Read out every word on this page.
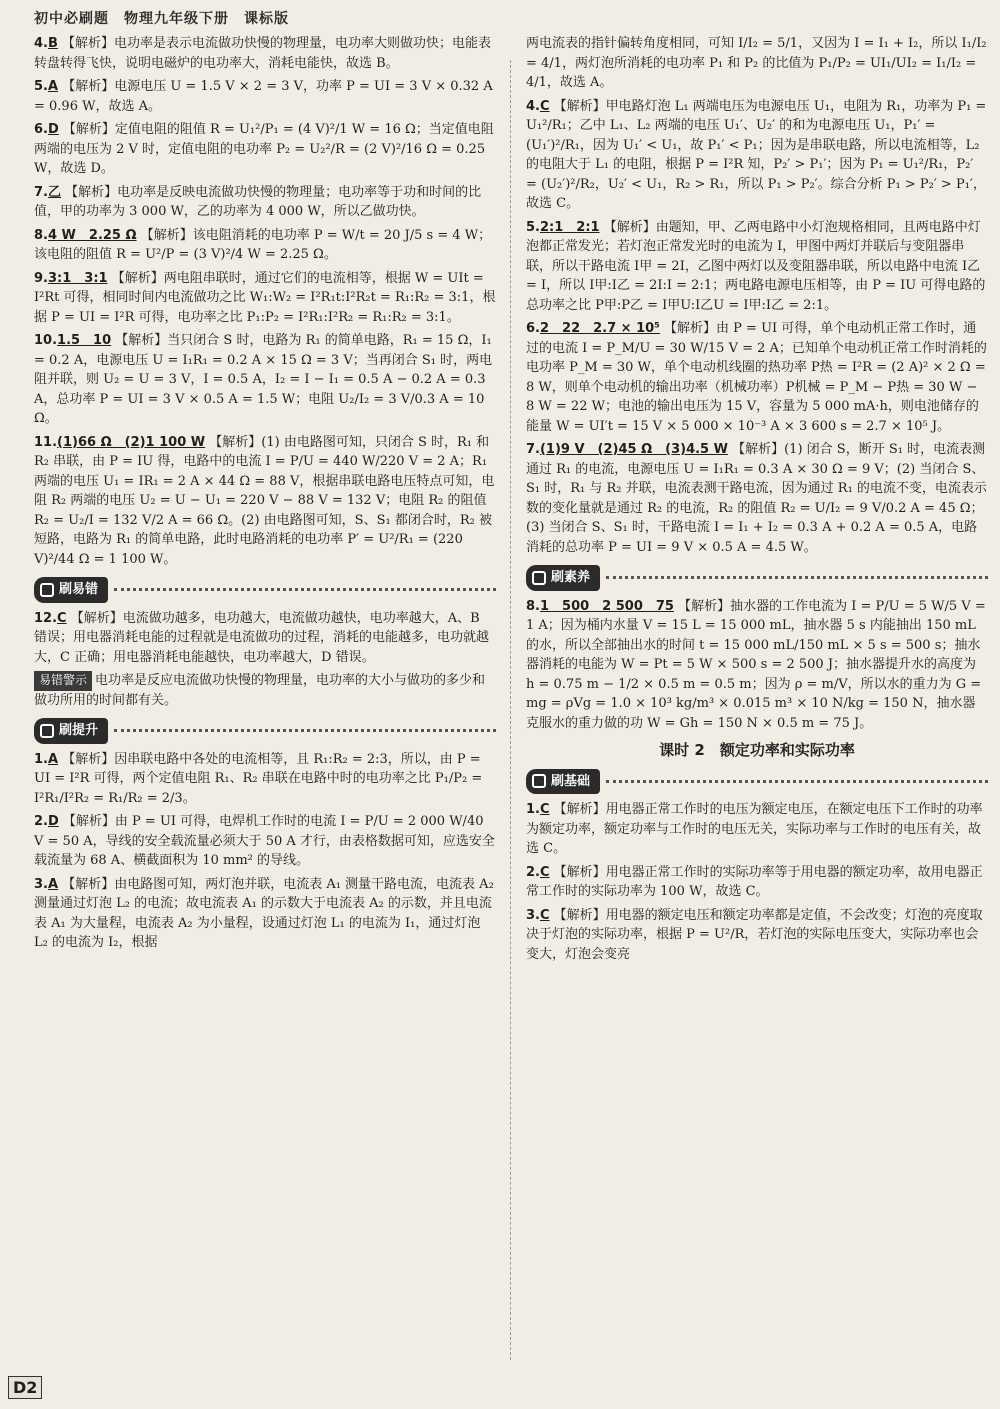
初中必刷题　物理九年级下册　课标版
4.B 【解析】电功率是表示电流做功快慢的物理量，电功率大则做功快；电能表转盘转得飞快，说明电磁炉的电功率大，消耗电能快，故选 B。
5.A 【解析】电源电压 U = 1.5 V × 2 = 3 V，功率 P = UI = 3 V × 0.32 A = 0.96 W，故选 A。
6.D 【解析】定值电阻的阻值 R = U₁²/P₁ = (4 V)²/1 W = 16 Ω；当定值电阻两端的电压为 2 V 时，定值电阻的电功率 P₂ = U₂²/R = (2 V)²/16 Ω = 0.25 W，故选 D。
7.乙 【解析】电功率是反映电流做功快慢的物理量；电功率等于功和时间的比值，甲的功率为 3 000 W，乙的功率为 4 000 W，所以乙做功快。
8.4 W　2.25 Ω 【解析】该电阻消耗的电功率 P = W/t = 20 J/5 s = 4 W；该电阻的阻值 R = U²/P = (3 V)²/4 W = 2.25 Ω。
9.3:1　3:1 【解析】两电阻串联时，通过它们的电流相等，根据 W = UIt = I²Rt 可得，相同时间内电流做功之比 W₁:W₂ = I²R₁t:I²R₂t = R₁:R₂ = 3:1，根据 P = UI = I²R 可得，电功率之比 P₁:P₂ = I²R₁:I²R₂ = R₁:R₂ = 3:1。
10.1.5　10 【解析】当只闭合 S 时，电路为 R₁ 的简单电路，R₁ = 15 Ω，I₁ = 0.2 A，电源电压 U = I₁R₁ = 0.2 A × 15 Ω = 3 V；当再闭合 S₁ 时，两电阻并联，则 U₂ = U = 3 V，I = 0.5 A，I₂ = I − I₁ = 0.5 A − 0.2 A = 0.3 A，总功率 P = UI = 3 V × 0.5 A = 1.5 W；电阻 U₂/I₂ = 3 V/0.3 A = 10 Ω。
11.(1)66 Ω　(2)1 100 W 【解析】(1) 由电路图可知，只闭合 S 时，R₁ 和 R₂ 串联，由 P = IU 得，电路中的电流 I = P/U = 440 W/220 V = 2 A；R₁ 两端的电压 U₁ = IR₁ = 2 A × 44 Ω = 88 V，根据串联电路电压特点可知，电阻 R₂ 两端的电压 U₂ = U − U₁ = 220 V − 88 V = 132 V；电阻 R₂ 的阻值 R₂ = U₂/I = 132 V/2 A = 66 Ω。(2) 由电路图可知，S、S₁ 都闭合时，R₂ 被短路，电路为 R₁ 的简单电路，此时电路消耗的电功率 P′ = U²/R₁ = (220 V)²/44 Ω = 1 100 W。
刷易错
12.C 【解析】电流做功越多，电功越大，电流做功越快，电功率越大，A、B 错误；用电器消耗电能的过程就是电流做功的过程，消耗的电能越多，电功就越大，C 正确；用电器消耗电能越快，电功率越大，D 错误。
易错警示 电功率是反应电流做功快慢的物理量，电功率的大小与做功的多少和做功所用的时间都有关。
刷提升
1.A 【解析】因串联电路中各处的电流相等，且 R₁:R₂ = 2:3，所以，由 P = UI = I²R 可得，两个定值电阻 R₁、R₂ 串联在电路中时的电功率之比 P₁/P₂ = I²R₁/I²R₂ = R₁/R₂ = 2/3。
2.D 【解析】由 P = UI 可得，电焊机工作时的电流 I = P/U = 2 000 W/40 V = 50 A，导线的安全载流量必须大于 50 A 才行，由表格数据可知，应选安全载流量为 68 A、横截面积为 10 mm² 的导线。
3.A 【解析】由电路图可知，两灯泡并联，电流表 A₁ 测量干路电流，电流表 A₂ 测量通过灯泡 L₂ 的电流；故电流表 A₁ 的示数大于电流表 A₂ 的示数，并且电流表 A₁ 为大量程，电流表 A₂ 为小量程，设通过灯泡 L₁ 的电流为 I₁，通过灯泡 L₂ 的电流为 I₂，根据
两电流表的指针偏转角度相同，可知 I/I₂ = 5/1，又因为 I = I₁ + I₂，所以 I₁/I₂ = 4/1，两灯泡所消耗的电功率 P₁ 和 P₂ 的比值为 P₁/P₂ = UI₁/UI₂ = I₁/I₂ = 4/1，故选 A。
4.C 【解析】甲电路灯泡 L₁ 两端电压为电源电压 U₁，电阻为 R₁，功率为 P₁ = U₁²/R₁；乙中 L₁、L₂ 两端的电压 U₁′、U₂′ 的和为电源电压 U₁，P₁′ = (U₁′)²/R₁，因为 U₁′ < U₁，故 P₁′ < P₁；因为是串联电路，所以电流相等，L₂ 的电阻大于 L₁ 的电阻，根据 P = I²R 知，P₂′ > P₁′；因为 P₁ = U₁²/R₁，P₂′ = (U₂′)²/R₂，U₂′ < U₁，R₂ > R₁，所以 P₁ > P₂′。综合分析 P₁ > P₂′ > P₁′，故选 C。
5.2:1　2:1 【解析】由题知，甲、乙两电路中小灯泡规格相同，且两电路中灯泡都正常发光；若灯泡正常发光时的电流为 I，甲图中两灯并联后与变阻器串联，所以干路电流 I甲 = 2I，乙图中两灯以及变阻器串联，所以电路中电流 I乙 = I，所以 I甲:I乙 = 2I:I = 2:1；两电路电源电压相等，由 P = IU 可得电路的总功率之比 P甲:P乙 = I甲U:I乙U = I甲:I乙 = 2:1。
6.2　22　2.7 × 10⁵ 【解析】由 P = UI 可得，单个电动机正常工作时，通过的电流 I = P_M/U = 30 W/15 V = 2 A；已知单个电动机正常工作时消耗的电功率 P_M = 30 W，单个电动机线圈的热功率 P热 = I²R = (2 A)² × 2 Ω = 8 W，则单个电动机的输出功率（机械功率）P机械 = P_M − P热 = 30 W − 8 W = 22 W；电池的输出电压为 15 V，容量为 5 000 mA·h，则电池储存的能量 W = UI′t = 15 V × 5 000 × 10⁻³ A × 3 600 s = 2.7 × 10⁵ J。
7.(1)9 V　(2)45 Ω　(3)4.5 W 【解析】(1) 闭合 S，断开 S₁ 时，电流表测通过 R₁ 的电流，电源电压 U = I₁R₁ = 0.3 A × 30 Ω = 9 V；(2) 当闭合 S、S₁ 时，R₁ 与 R₂ 并联，电流表测干路电流，因为通过 R₁ 的电流不变，电流表示数的变化量就是通过 R₂ 的电流，R₂ 的阻值 R₂ = U/I₂ = 9 V/0.2 A = 45 Ω；(3) 当闭合 S、S₁ 时，干路电流 I = I₁ + I₂ = 0.3 A + 0.2 A = 0.5 A，电路消耗的总功率 P = UI = 9 V × 0.5 A = 4.5 W。
刷素养
8.1　500　2 500　75 【解析】抽水器的工作电流为 I = P/U = 5 W/5 V = 1 A；因为桶内水量 V = 15 L = 15 000 mL，抽水器 5 s 内能抽出 150 mL 的水，所以全部抽出水的时间 t = 15 000 mL/150 mL × 5 s = 500 s；抽水器消耗的电能为 W = Pt = 5 W × 500 s = 2 500 J；抽水器提升水的高度为 h = 0.75 m − 1/2 × 0.5 m = 0.5 m；因为 ρ = m/V，所以水的重力为 G = mg = ρVg = 1.0 × 10³ kg/m³ × 0.015 m³ × 10 N/kg = 150 N，抽水器克服水的重力做的功 W = Gh = 150 N × 0.5 m = 75 J。
课时 2　额定功率和实际功率
刷基础
1.C 【解析】用电器正常工作时的电压为额定电压，在额定电压下工作时的功率为额定功率，额定功率与工作时的电压无关，实际功率与工作时的电压有关，故选 C。
2.C 【解析】用电器正常工作时的实际功率等于用电器的额定功率，故用电器正常工作时的实际功率为 100 W，故选 C。
3.C 【解析】用电器的额定电压和额定功率都是定值，不会改变；灯泡的亮度取决于灯泡的实际功率，根据 P = U²/R，若灯泡的实际电压变大，实际功率也会变大，灯泡会变亮
D2
